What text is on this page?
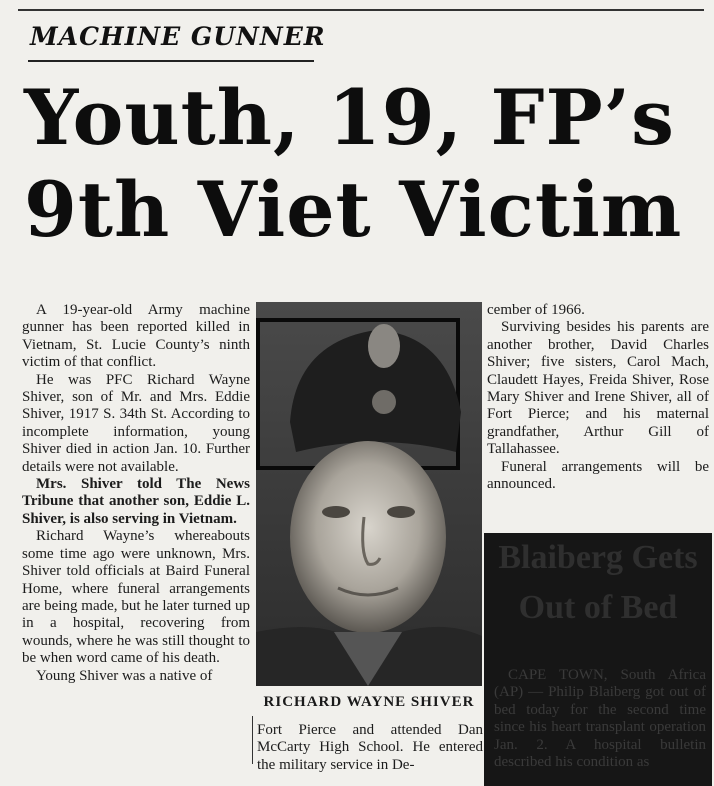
MACHINE GUNNER
Youth, 19, FP’s
9th Viet Victim

A 19-year-old Army machine gunner has been reported killed in Vietnam, St. Lucie County’s ninth victim of that conflict.

He was PFC Richard Wayne Shiver, son of Mr. and Mrs. Eddie Shiver, 1917 S. 34th St. According to incomplete information, young Shiver died in action Jan. 10. Further details were not available.

Mrs. Shiver told The News Tribune that another son, Eddie L. Shiver, is also serving in Vietnam.

Richard Wayne’s whereabouts some time ago were unknown, Mrs. Shiver told officials at Baird Funeral Home, where funeral arrangements are being made, but he later turned up in a hospital, recovering from wounds, where he was still thought to be when word came of his death.

Young Shiver was a native of

RICHARD WAYNE SHIVER

Fort Pierce and attended Dan McCarty High School. He entered the military service in De-

cember of 1966.

Surviving besides his parents are another brother, David Charles Shiver; five sisters, Carol Mach, Claudett Hayes, Freida Shiver, Rose Mary Shiver and Irene Shiver, all of Fort Pierce; and his maternal grandfather, Arthur Gill of Tallahassee.

Funeral arrangements will be announced.

Blaiberg Gets Out of Bed

CAPE TOWN, South Africa (AP) — Philip Blaiberg got out of bed today for the second time since his heart transplant operation Jan. 2. A hospital bulletin described his condition as
